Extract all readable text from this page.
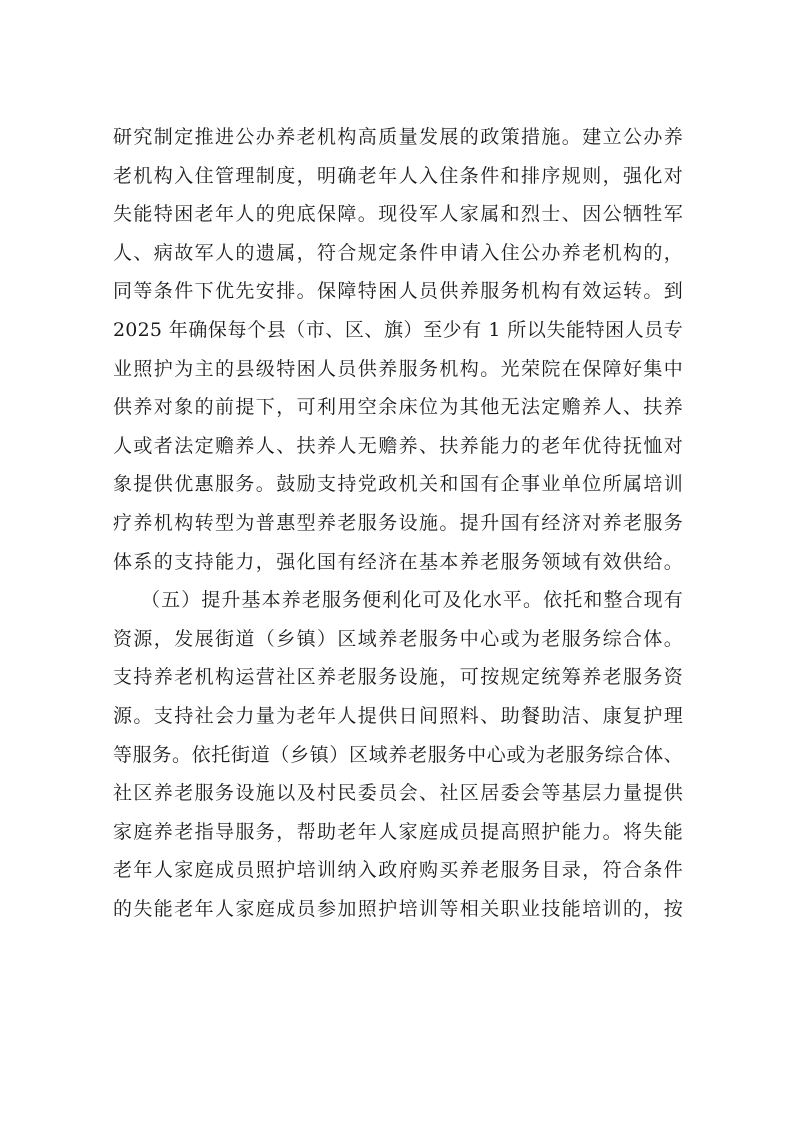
研究制定推进公办养老机构高质量发展的政策措施。建立公办养
老机构入住管理制度，明确老年人入住条件和排序规则，强化对
失能特困老年人的兜底保障。现役军人家属和烈士、因公牺牲军
人、病故军人的遗属，符合规定条件申请入住公办养老机构的，
同等条件下优先安排。保障特困人员供养服务机构有效运转。到
2025 年确保每个县（市、区、旗）至少有 1 所以失能特困人员专
业照护为主的县级特困人员供养服务机构。光荣院在保障好集中
供养对象的前提下，可利用空余床位为其他无法定赡养人、扶养
人或者法定赡养人、扶养人无赡养、扶养能力的老年优待抚恤对
象提供优惠服务。鼓励支持党政机关和国有企事业单位所属培训
疗养机构转型为普惠型养老服务设施。提升国有经济对养老服务
体系的支持能力，强化国有经济在基本养老服务领域有效供给。
（五）提升基本养老服务便利化可及化水平。依托和整合现有
资源，发展街道（乡镇）区域养老服务中心或为老服务综合体。
支持养老机构运营社区养老服务设施，可按规定统筹养老服务资
源。支持社会力量为老年人提供日间照料、助餐助洁、康复护理
等服务。依托街道（乡镇）区域养老服务中心或为老服务综合体、
社区养老服务设施以及村民委员会、社区居委会等基层力量提供
家庭养老指导服务，帮助老年人家庭成员提高照护能力。将失能
老年人家庭成员照护培训纳入政府购买养老服务目录，符合条件
的失能老年人家庭成员参加照护培训等相关职业技能培训的，按
